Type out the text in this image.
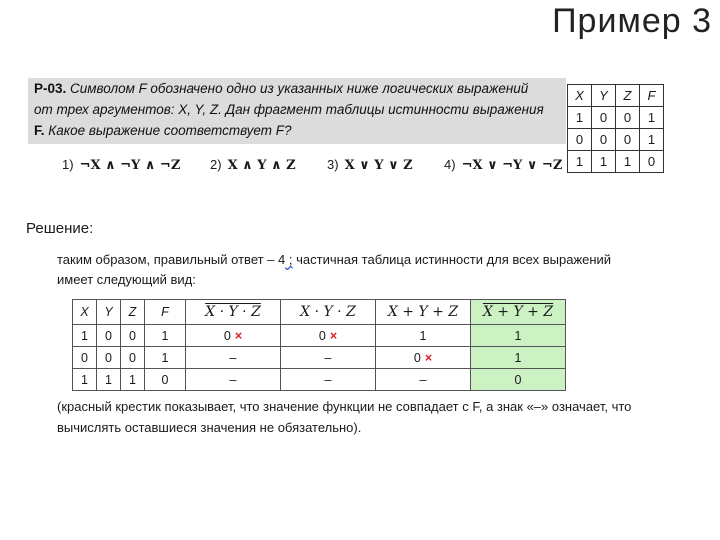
Пример 3
Р-03. Символом F обозначено одно из указанных ниже логических выражений
от трех аргументов: X, Y, Z. Дан фрагмент таблицы истинности выражения
F. Какое выражение соответствует F?
1) ¬X ∧ ¬Y ∧ ¬Z 2) X ∧ Y ∧ Z 3) X ∨ Y ∨ Z 4) ¬X ∨ ¬Y ∨ ¬Z
X	Y	Z	F
1	0	0	1
0	0	0	1
1	1	1	0
Решение:
таким образом, правильный ответ – 4 ; частичная таблица истинности для всех выражений
имеет следующий вид:
X	Y	Z	F	X · Y · Z	X · Y · Z	X + Y + Z	X + Y + Z
1	0	0	1	0 ×	0 ×	1	1
0	0	0	1	–	–	0 ×	1
1	1	1	0	–	–	–	0
(красный крестик показывает, что значение функции не совпадает с F, а знак «–» означает, что
вычислять оставшиеся значения не обязательно).
